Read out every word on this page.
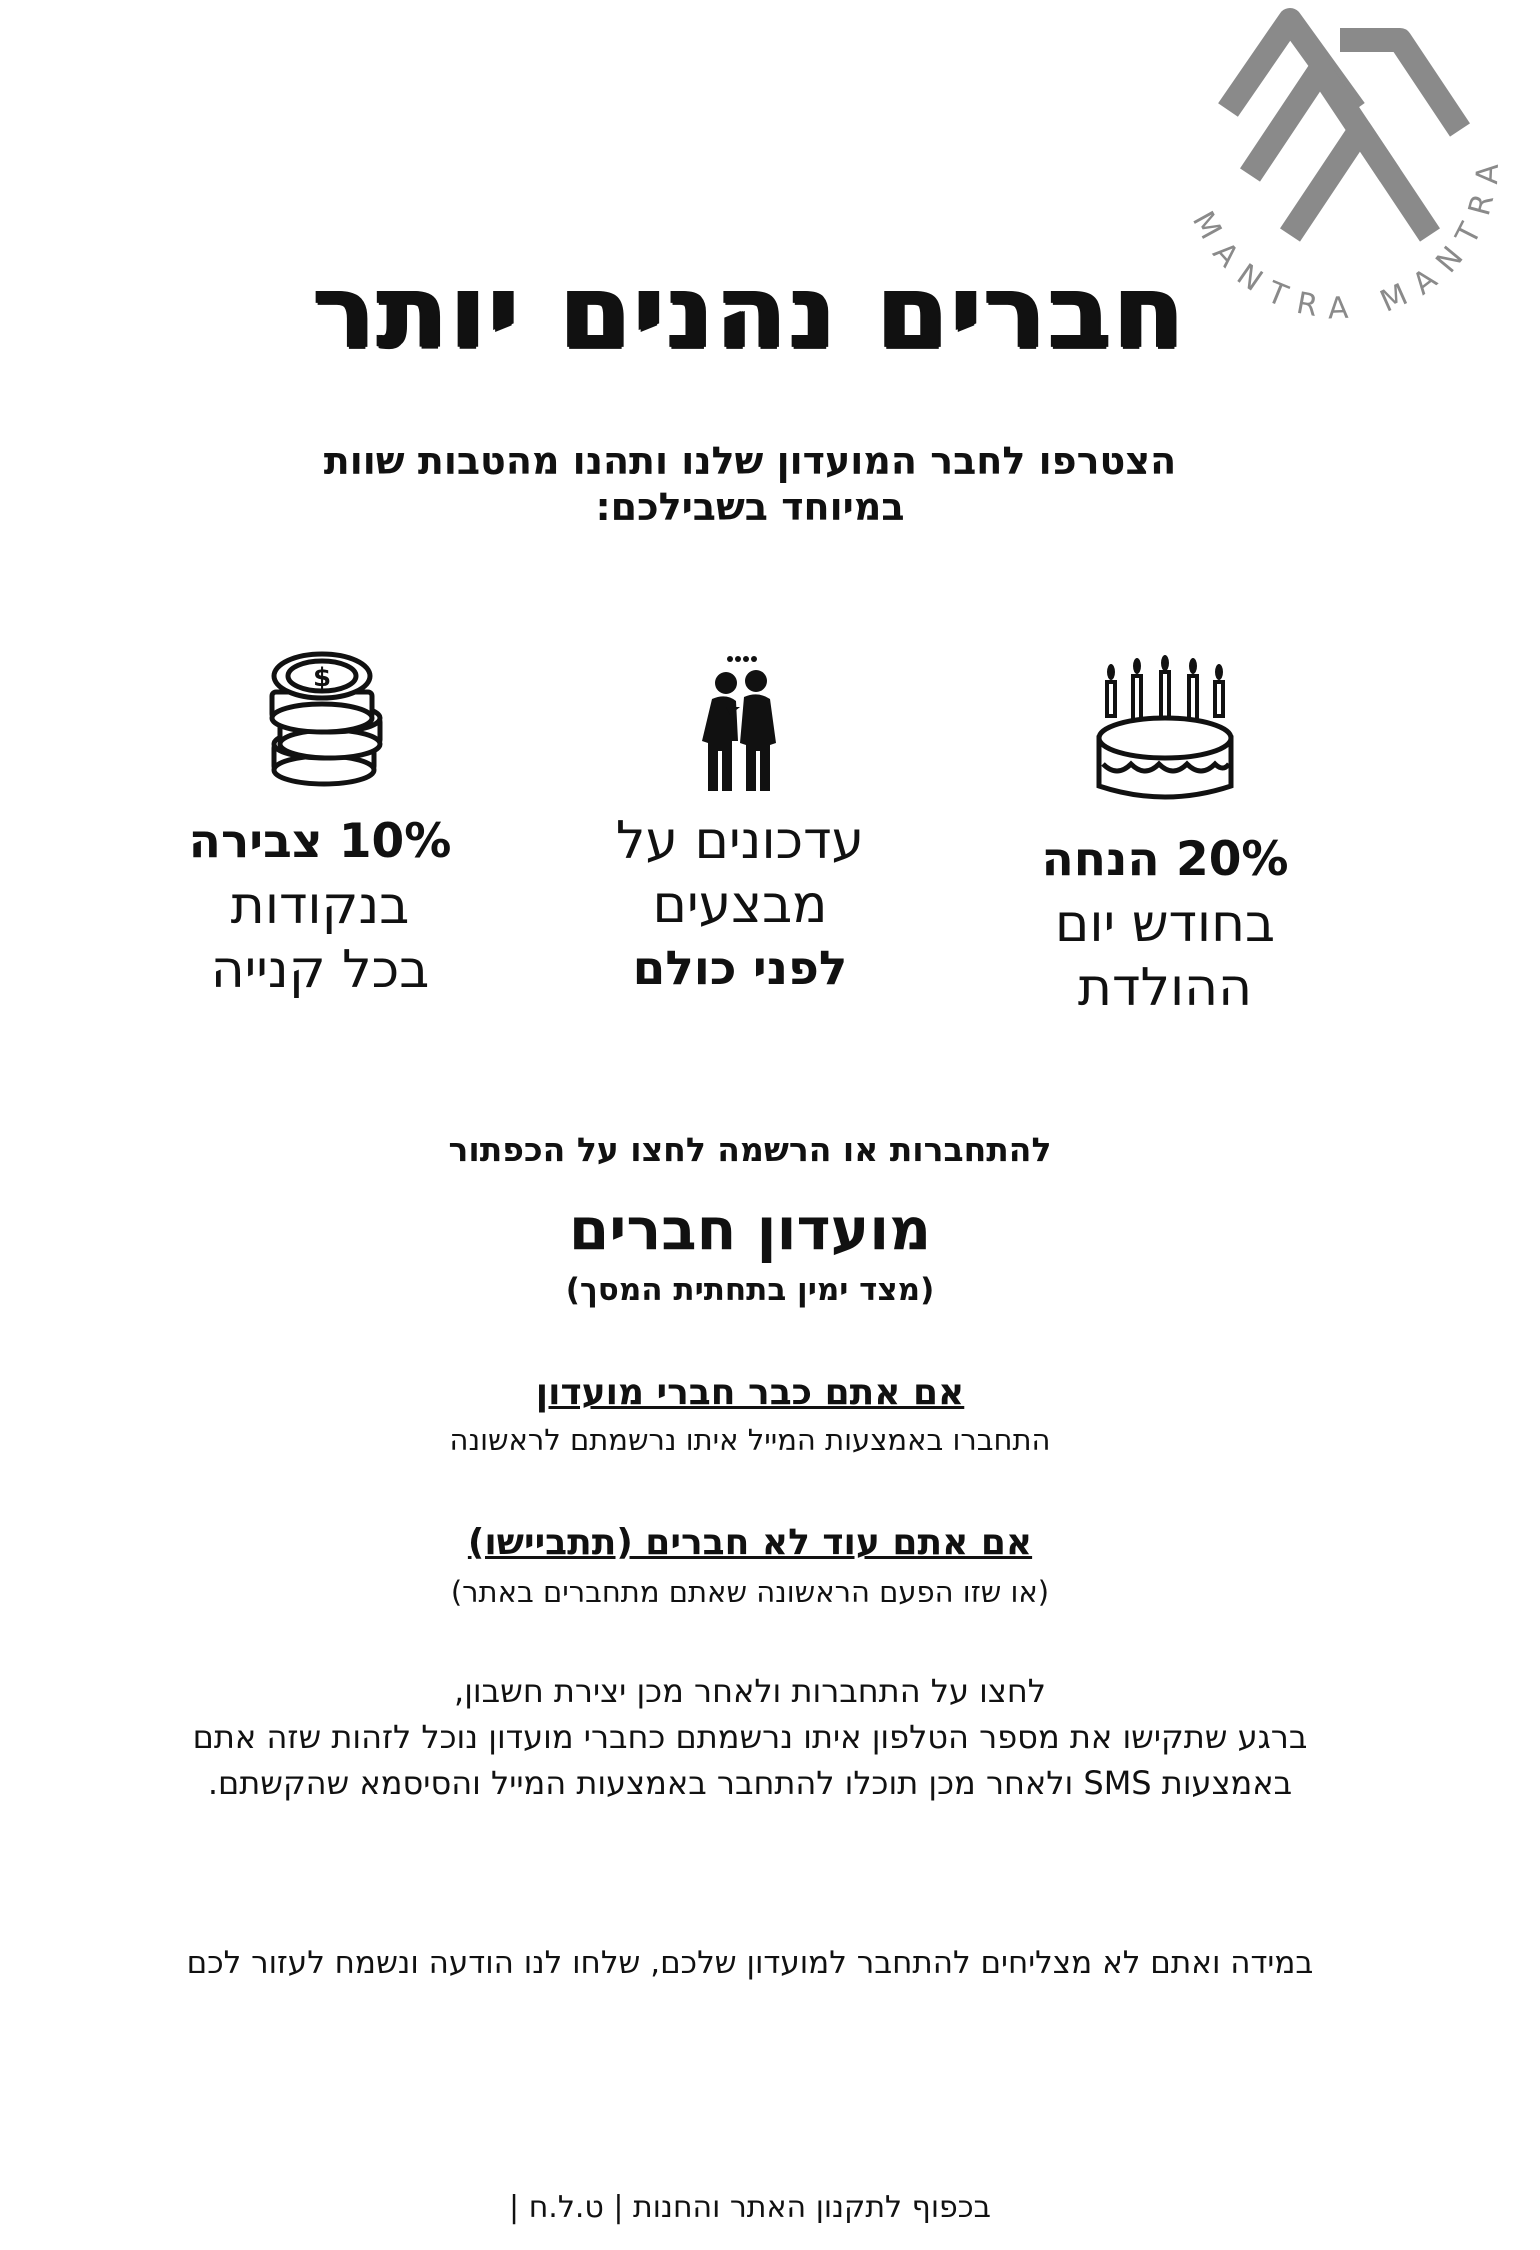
MANTRA MANTRA
חברים נהנים יותר
הצטרפו לחבר המועדון שלנו ותהנו מהטבות שוות
במיוחד בשבילכם:
20% הנחה
בחודש יום
ההולדת
עדכונים על
מבצעים
לפני כולם
$
10% צבירה
בנקודות
בכל קנייה
להתחברות או הרשמה לחצו על הכפתור
מועדון חברים
(מצד ימין בתחתית המסך)
אם אתם כבר חברי מועדון
התחברו באמצעות המייל איתו נרשמתם לראשונה
אם אתם עוד לא חברים (תתביישו)
(או שזו הפעם הראשונה שאתם מתחברים באתר)
לחצו על התחברות ולאחר מכן יצירת חשבון,
ברגע שתקישו את מספר הטלפון איתו נרשמתם כחברי מועדון נוכל לזהות שזה אתם
באמצעות SMS ולאחר מכן תוכלו להתחבר באמצעות המייל והסיסמא שהקשתם.
במידה ואתם לא מצליחים להתחבר למועדון שלכם, שלחו לנו הודעה ונשמח לעזור לכם
בכפוף לתקנון האתר והחנות | ט.ל.ח |
